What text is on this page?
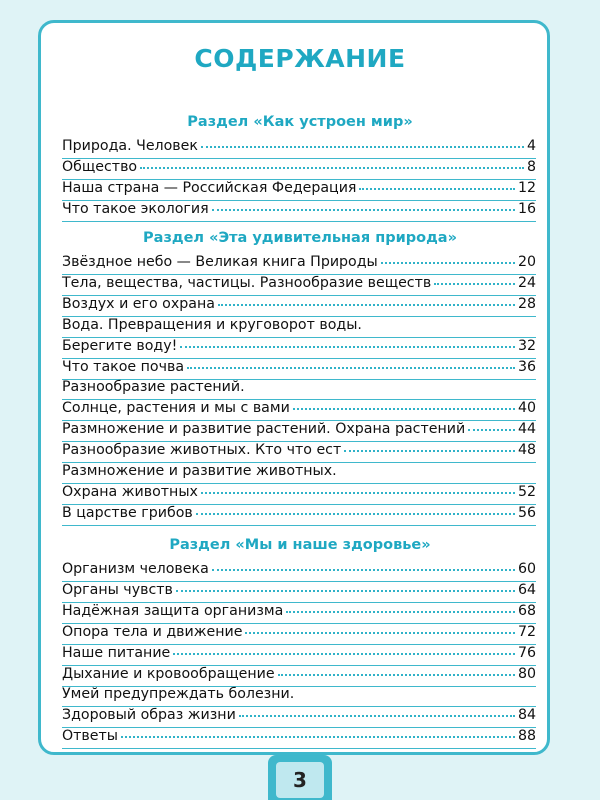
СОДЕРЖАНИЕ
Раздел «Как устроен мир»
Природа. Человек	4
Общество	8
Наша страна — Российская Федерация	12
Что такое экология	16
Раздел «Эта удивительная природа»
Звёздное небо — Великая книга Природы	20
Тела, вещества, частицы. Разнообразие веществ	24
Воздух и его охрана	28
Вода. Превращения и круговорот воды.
Берегите воду!	32
Что такое почва	36
Разнообразие растений.
Солнце, растения и мы с вами	40
Размножение и развитие растений. Охрана растений	44
Разнообразие животных. Кто что ест	48
Размножение и развитие животных.
Охрана животных	52
В царстве грибов	56
Раздел «Мы и наше здоровье»
Организм человека	60
Органы чувств	64
Надёжная защита организма	68
Опора тела и движение	72
Наше питание	76
Дыхание и кровообращение	80
Умей предупреждать болезни.
Здоровый образ жизни	84
Ответы	88
3
